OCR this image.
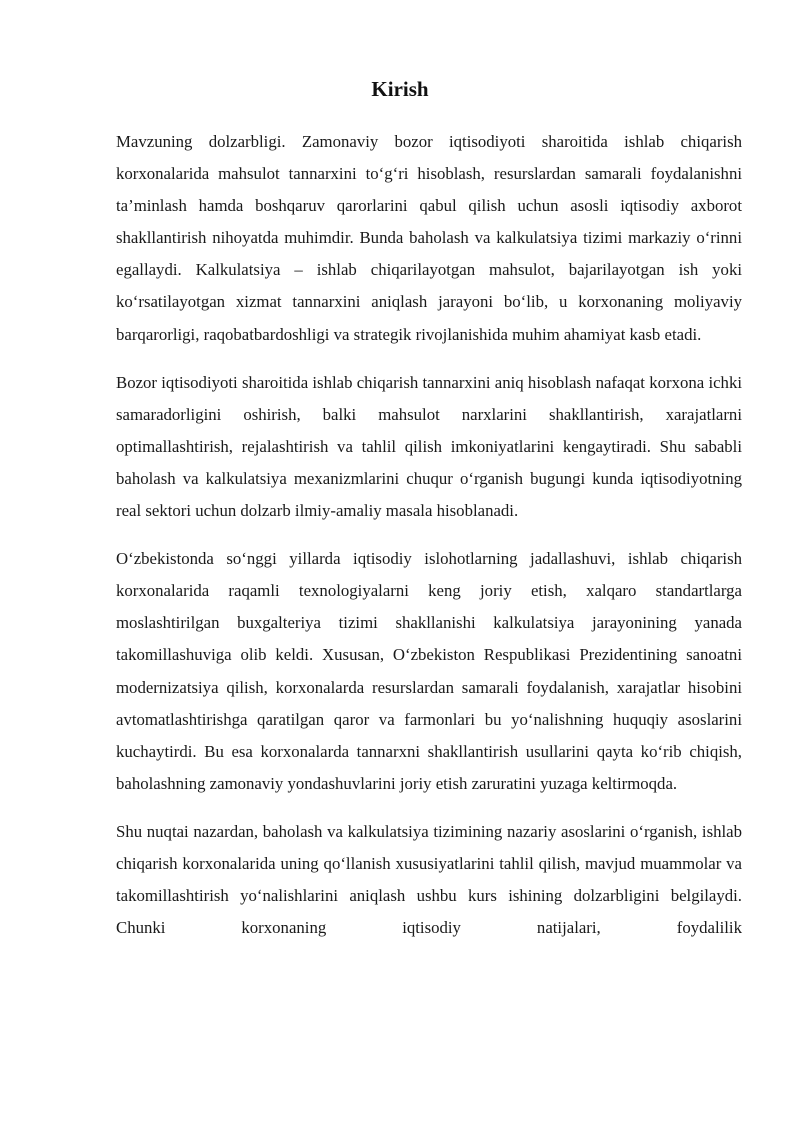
Kirish

Mavzuning dolzarbligi. Zamonaviy bozor iqtisodiyoti sharoitida ishlab chiqarish korxonalarida mahsulot tannarxini to‘g‘ri hisoblash, resurslardan samarali foydalanishni ta’minlash hamda boshqaruv qarorlarini qabul qilish uchun asosli iqtisodiy axborot shakllantirish nihoyatda muhimdir. Bunda baholash va kalkulatsiya tizimi markaziy o‘rinni egallaydi. Kalkulatsiya – ishlab chiqarilayotgan mahsulot, bajarilayotgan ish yoki ko‘rsatilayotgan xizmat tannarxini aniqlash jarayoni bo‘lib, u korxonaning moliyaviy barqarorligi, raqobatbardoshligi va strategik rivojlanishida muhim ahamiyat kasb etadi.

Bozor iqtisodiyoti sharoitida ishlab chiqarish tannarxini aniq hisoblash nafaqat korxona ichki samaradorligini oshirish, balki mahsulot narxlarini shakllantirish, xarajatlarni optimallashtirish, rejalashtirish va tahlil qilish imkoniyatlarini kengaytiradi. Shu sababli baholash va kalkulatsiya mexanizmlarini chuqur o‘rganish bugungi kunda iqtisodiyotning real sektori uchun dolzarb ilmiy-amaliy masala hisoblanadi.

O‘zbekistonda so‘nggi yillarda iqtisodiy islohotlarning jadallashuvi, ishlab chiqarish korxonalarida raqamli texnologiyalarni keng joriy etish, xalqaro standartlarga moslashtirilgan buxgalteriya tizimi shakllanishi kalkulatsiya jarayonining yanada takomillashuviga olib keldi. Xususan, O‘zbekiston Respublikasi Prezidentining sanoatni modernizatsiya qilish, korxonalarda resurslardan samarali foydalanish, xarajatlar hisobini avtomatlashtirishga qaratilgan qaror va farmonlari bu yo‘nalishning huquqiy asoslarini kuchaytirdi. Bu esa korxonalarda tannarxni shakllantirish usullarini qayta ko‘rib chiqish, baholashning zamonaviy yondashuvlarini joriy etish zaruratini yuzaga keltirmoqda.

Shu nuqtai nazardan, baholash va kalkulatsiya tizimining nazariy asoslarini o‘rganish, ishlab chiqarish korxonalarida uning qo‘llanish xususiyatlarini tahlil qilish, mavjud muammolar va takomillashtirish yo‘nalishlarini aniqlash ushbu kurs ishining dolzarbligini belgilaydi. Chunki korxonaning iqtisodiy natijalari, foydalilik
